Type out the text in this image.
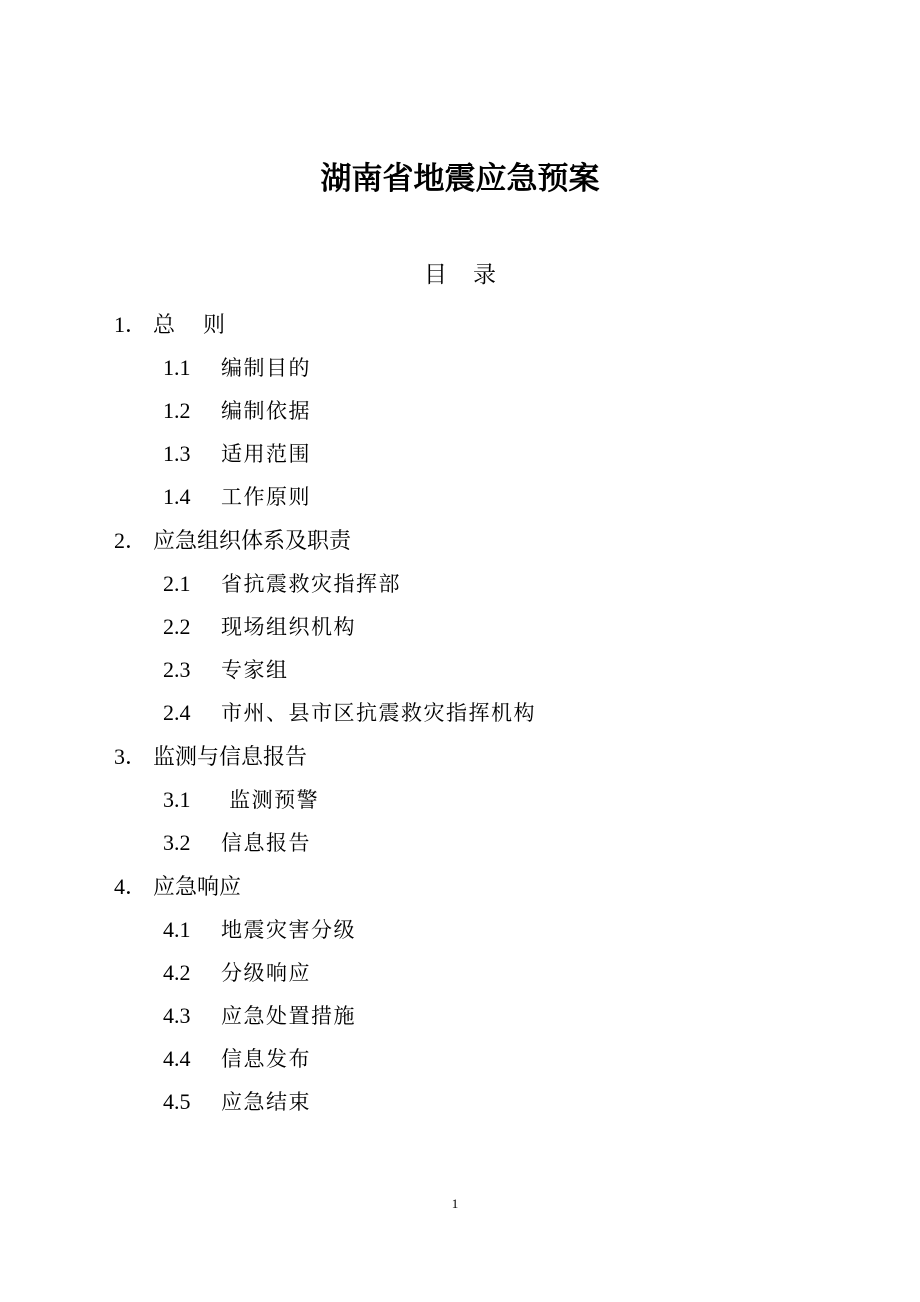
湖南省地震应急预案
目 录
1． 总    则
1.1 编制目的
1.2 编制依据
1.3 适用范围
1.4 工作原则
2． 应急组织体系及职责
2.1 省抗震救灾指挥部
2.2 现场组织机构
2.3 专家组
2.4 市州、县市区抗震救灾指挥机构
3． 监测与信息报告
3.1 监测预警
3.2 信息报告
4． 应急响应
4.1 地震灾害分级
4.2 分级响应
4.3 应急处置措施
4.4 信息发布
4.5 应急结束
1
